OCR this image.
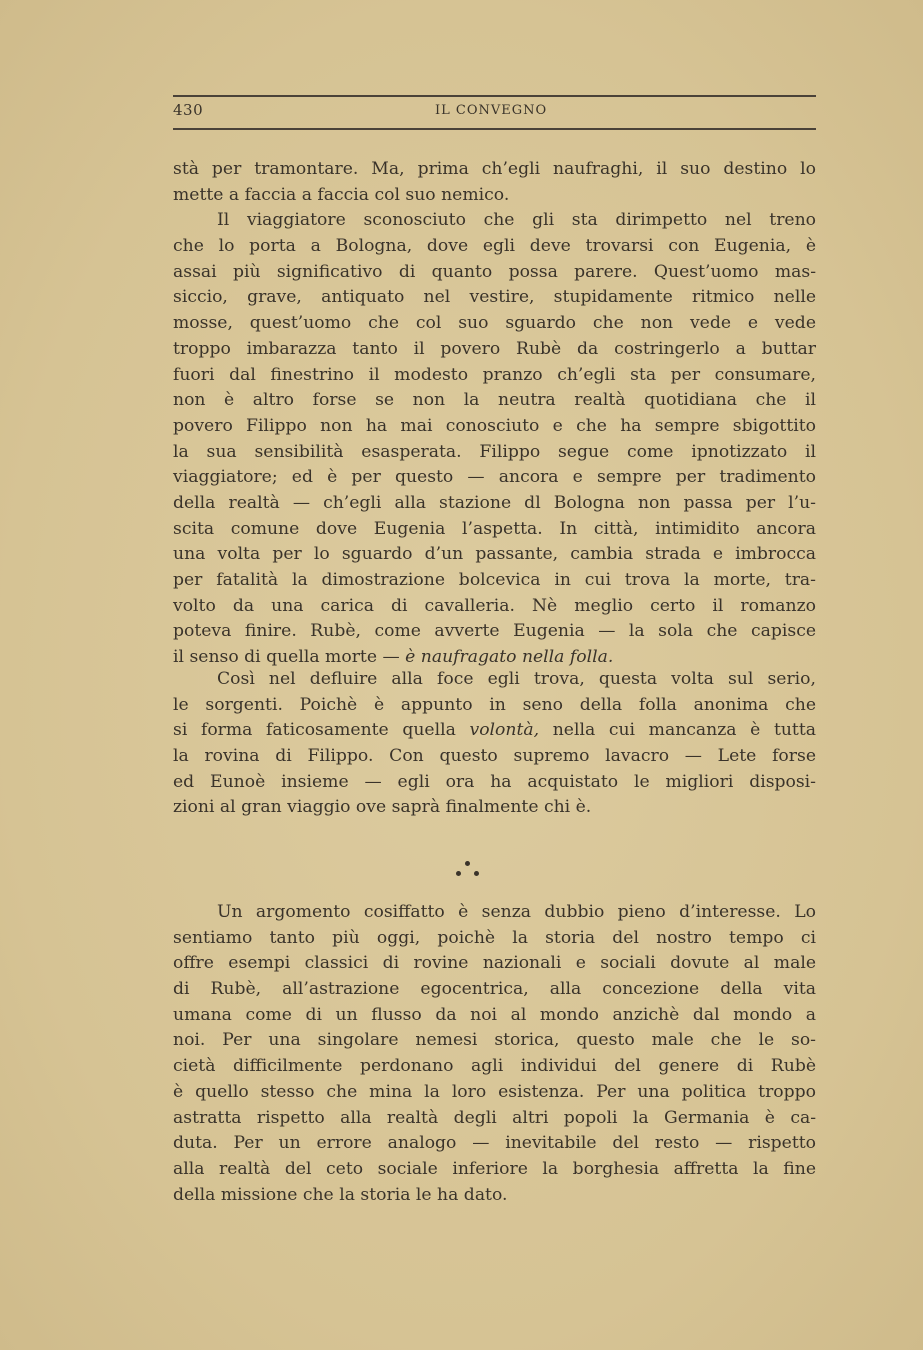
430	IL CONVEGNO
stà per tramontare. Ma, prima ch’egli naufraghi, il suo destino lo
mette a faccia a faccia col suo nemico.
Il viaggiatore sconosciuto che gli sta dirimpetto nel treno
che lo porta a Bologna, dove egli deve trovarsi con Eugenia, è
assai più significativo di quanto possa parere. Quest’uomo mas-
siccio, grave, antiquato nel vestire, stupidamente ritmico nelle
mosse, quest’uomo che col suo sguardo che non vede e vede
troppo imbarazza tanto il povero Rubè da costringerlo a buttar
fuori dal finestrino il modesto pranzo ch’egli sta per consumare,
non è altro forse se non la neutra realtà quotidiana che il
povero Filippo non ha mai conosciuto e che ha sempre sbigottito
la sua sensibilità esasperata. Filippo segue come ipnotizzato il
viaggiatore; ed è per questo — ancora e sempre per tradimento
della realtà — ch’egli alla stazione dl Bologna non passa per l’u-
scita comune dove Eugenia l’aspetta. In città, intimidito ancora
una volta per lo sguardo d’un passante, cambia strada e imbrocca
per fatalità la dimostrazione bolcevica in cui trova la morte, tra-
volto da una carica di cavalleria. Nè meglio certo il romanzo
poteva finire. Rubè, come avverte Eugenia — la sola che capisce
il senso di quella morte — è naufragato nella folla.
Così nel defluire alla foce egli trova, questa volta sul serio,
le sorgenti. Poichè è appunto in seno della folla anonima che
si forma faticosamente quella volontà, nella cui mancanza è tutta
la rovina di Filippo. Con questo supremo lavacro — Lete forse
ed Eunoè insieme — egli ora ha acquistato le migliori disposi-
zioni al gran viaggio ove saprà finalmente chi è.
Un argomento cosiffatto è senza dubbio pieno d’interesse. Lo
sentiamo tanto più oggi, poichè la storia del nostro tempo ci
offre esempi classici di rovine nazionali e sociali dovute al male
di Rubè, all’astrazione egocentrica, alla concezione della vita
umana come di un flusso da noi al mondo anzichè dal mondo a
noi. Per una singolare nemesi storica, questo male che le so-
cietà difficilmente perdonano agli individui del genere di Rubè
è quello stesso che mina la loro esistenza. Per una politica troppo
astratta rispetto alla realtà degli altri popoli la Germania è ca-
duta. Per un errore analogo — inevitabile del resto — rispetto
alla realtà del ceto sociale inferiore la borghesia affretta la fine
della missione che la storia le ha dato.
